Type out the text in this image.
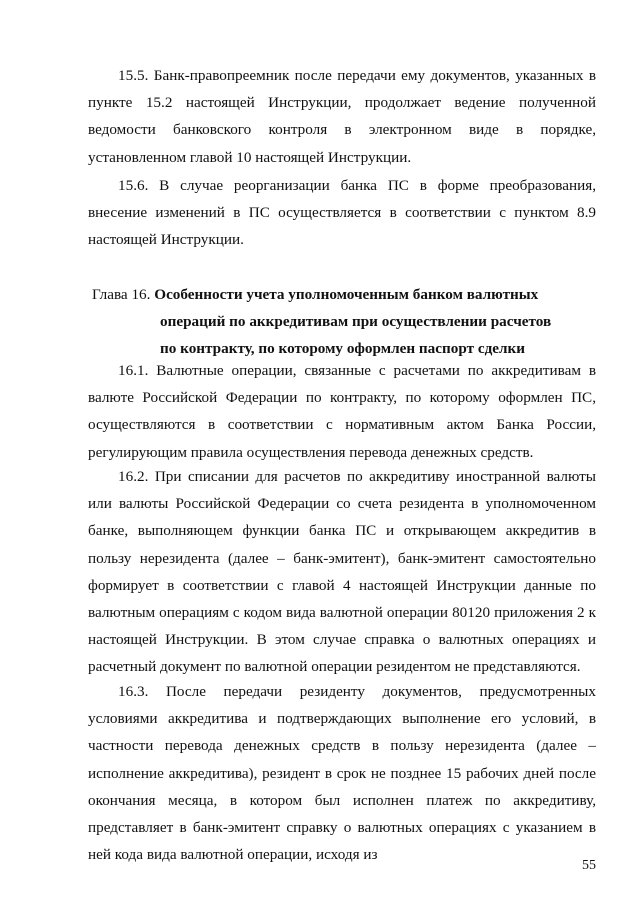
15.5. Банк-правопреемник после передачи ему документов, указанных в пункте 15.2 настоящей Инструкции, продолжает ведение полученной ведомости банковского контроля в электронном виде в порядке, установленном главой 10 настоящей Инструкции.

15.6. В случае реорганизации банка ПС в форме преобразования, внесение изменений в ПС осуществляется в соответствии с пунктом 8.9 настоящей Инструкции.

Глава 16. Особенности учета уполномоченным банком валютных
операций по аккредитивам при осуществлении расчетов
по контракту, по которому оформлен паспорт сделки

16.1. Валютные операции, связанные с расчетами по аккредитивам в валюте Российской Федерации по контракту, по которому оформлен ПС, осуществляются в соответствии с нормативным актом Банка России, регулирующим правила осуществления перевода денежных средств.

16.2. При списании для расчетов по аккредитиву иностранной валюты или валюты Российской Федерации со счета резидента в уполномоченном банке, выполняющем функции банка ПС и открывающем аккредитив в пользу нерезидента (далее – банк-эмитент), банк-эмитент самостоятельно формирует в соответствии с главой 4 настоящей Инструкции данные по валютным операциям с кодом вида валютной операции 80120 приложения 2 к настоящей Инструкции. В этом случае справка о валютных операциях и расчетный документ по валютной операции резидентом не представляются.

16.3. После передачи резиденту документов, предусмотренных условиями аккредитива и подтверждающих выполнение его условий, в частности перевода денежных средств в пользу нерезидента (далее – исполнение аккредитива), резидент в срок не позднее 15 рабочих дней после окончания месяца, в котором был исполнен платеж по аккредитиву, представляет в банк-эмитент справку о валютных операциях с указанием в ней кода вида валютной операции, исходя из

55
